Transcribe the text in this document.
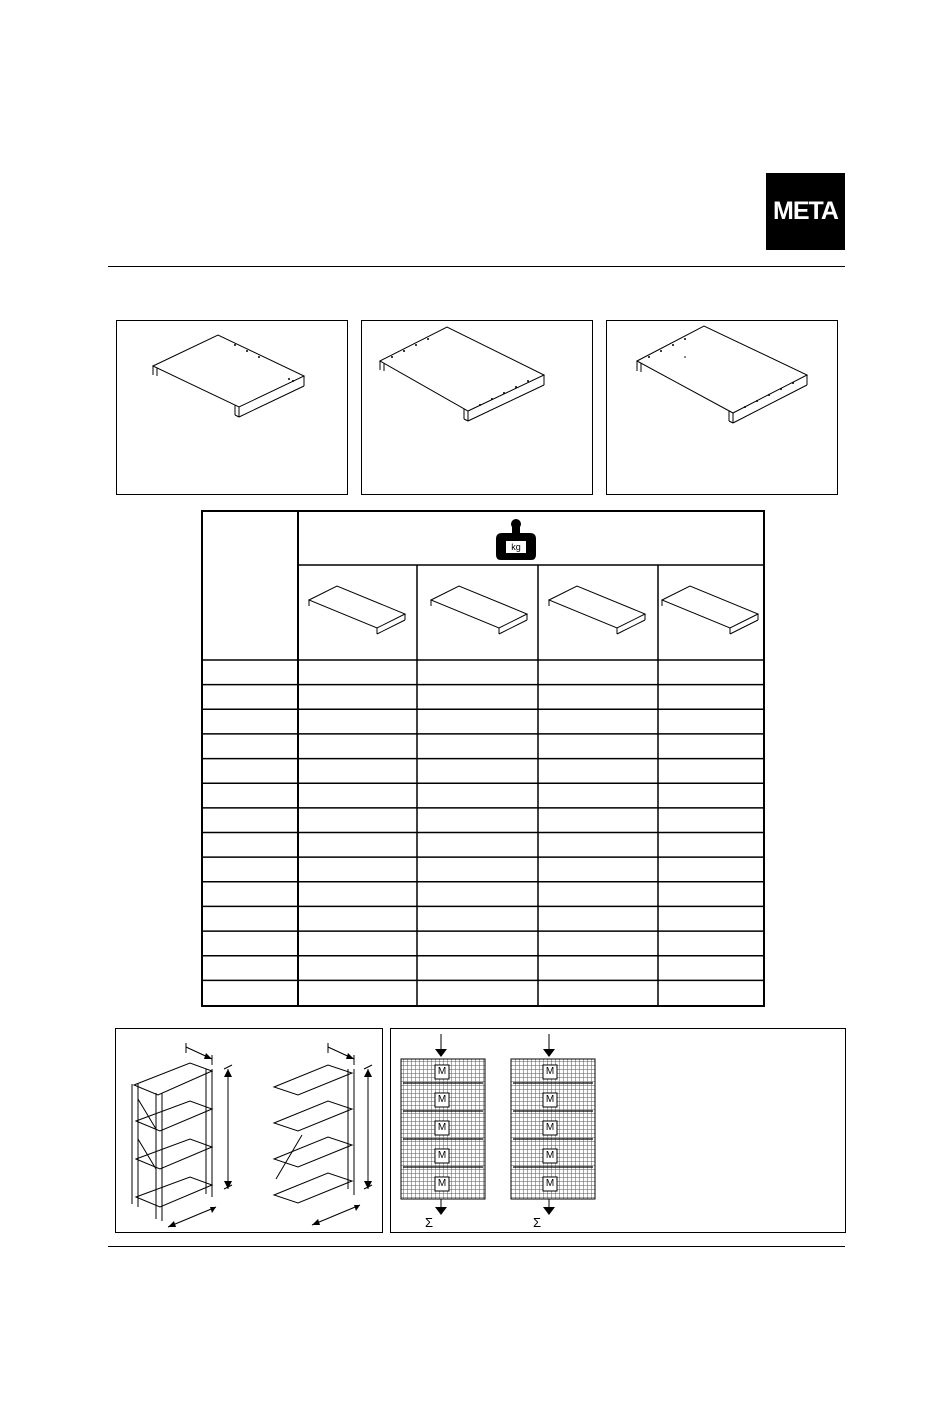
META
kg
M
M
M
M
M
M
M
M
M
M
Σ	Σ
